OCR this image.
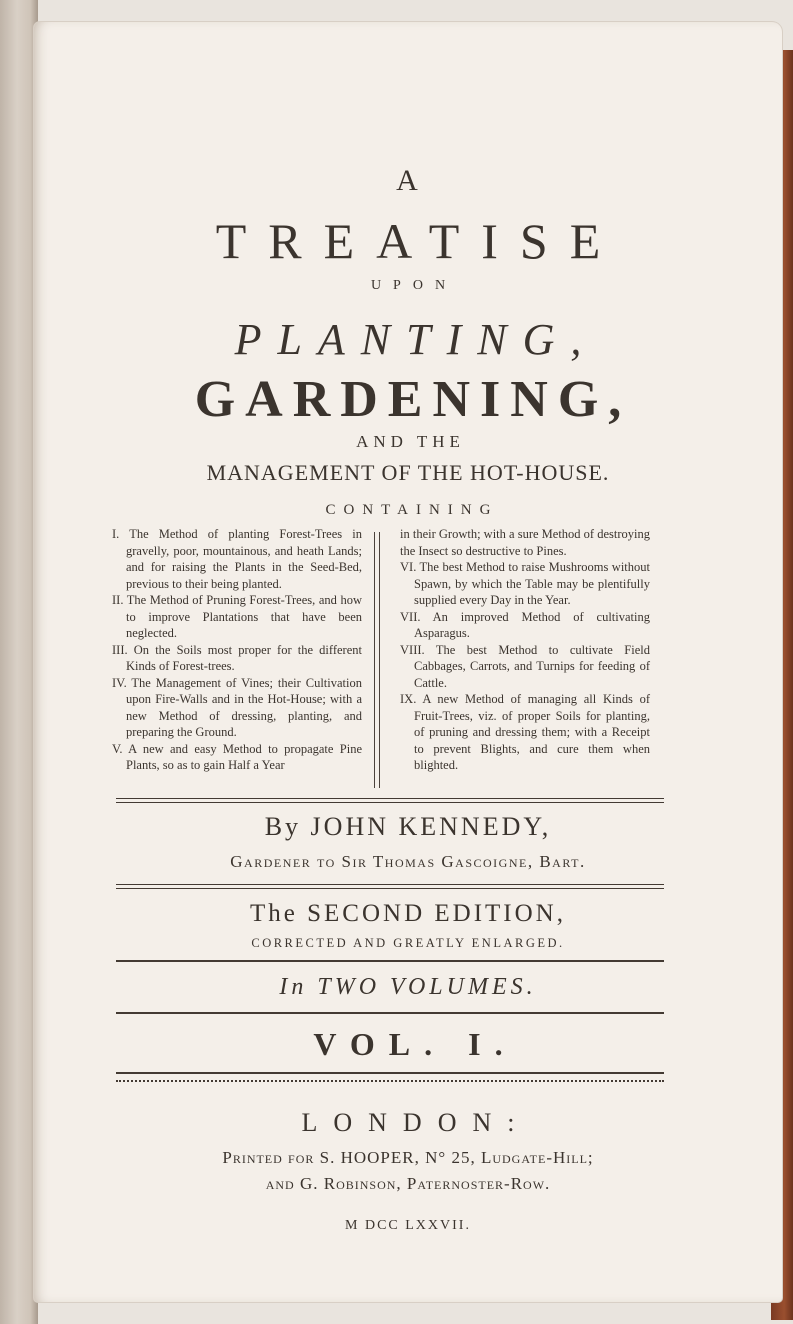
A
TREATISE
UPON
PLANTING,
GARDENING,
AND THE
MANAGEMENT OF THE HOT-HOUSE.
CONTAINING

I. The Method of planting Forest-Trees in gravelly, poor, mountainous, and heath Lands; and for raising the Plants in the Seed-Bed, previous to their being planted.

II. The Method of Pruning Forest-Trees, and how to improve Plantations that have been neglected.

III. On the Soils most proper for the different Kinds of Forest-trees.

IV. The Management of Vines; their Cultivation upon Fire-Walls and in the Hot-House; with a new Method of dressing, planting, and preparing the Ground.

V. A new and easy Method to propagate Pine Plants, so as to gain Half a Year

in their Growth; with a sure Method of destroying the Insect so destructive to Pines.

VI. The best Method to raise Mushrooms without Spawn, by which the Table may be plentifully supplied every Day in the Year.

VII. An improved Method of cultivating Asparagus.

VIII. The best Method to cultivate Field Cabbages, Carrots, and Turnips for feeding of Cattle.

IX. A new Method of managing all Kinds of Fruit-Trees, viz. of proper Soils for planting, of pruning and dressing them; with a Receipt to prevent Blights, and cure them when blighted.

By JOHN KENNEDY,
Gardener to Sir Thomas Gascoigne, Bart.
The SECOND EDITION,
CORRECTED AND GREATLY ENLARGED.
In TWO VOLUMES.
VOL. I.
LONDON:
Printed for S. HOOPER, N° 25, Ludgate-Hill;
and G. Robinson, Paternoster-Row.
M DCC LXXVII.
